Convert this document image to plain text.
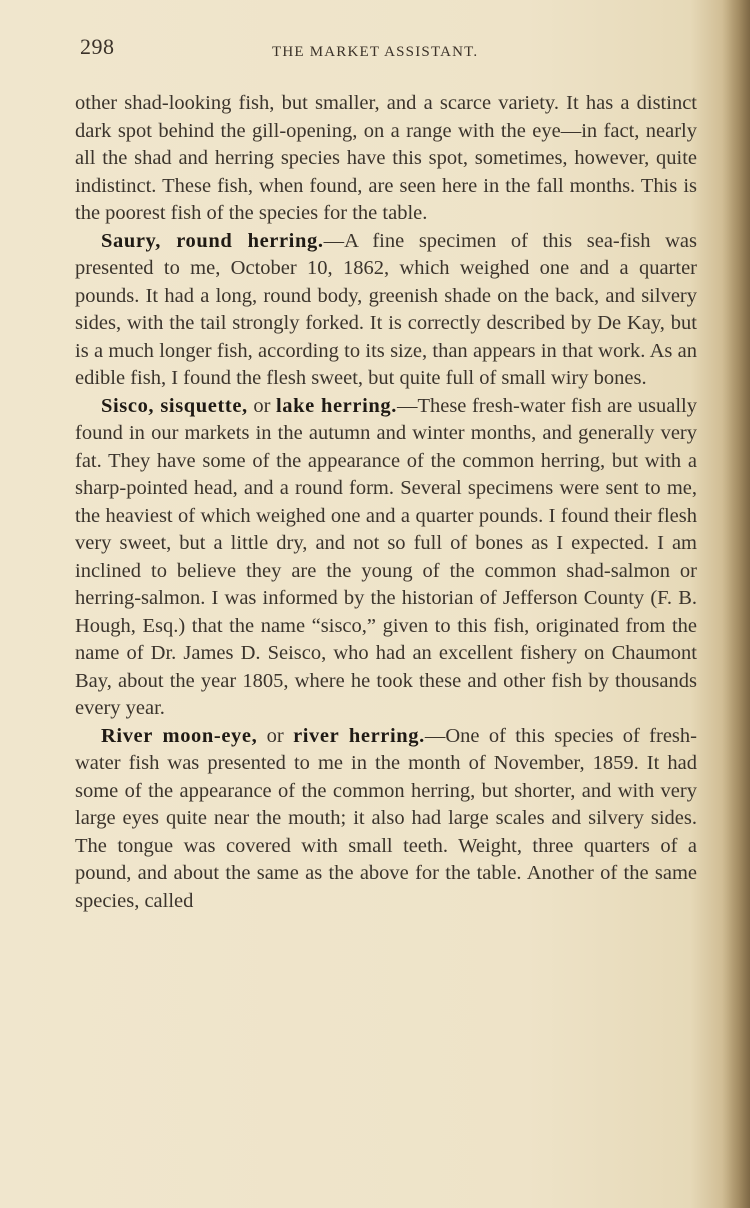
298	THE MARKET ASSISTANT.

other shad-looking fish, but smaller, and a scarce variety. It has a distinct dark spot behind the gill-opening, on a range with the eye—in fact, nearly all the shad and herring species have this spot, sometimes, however, quite indistinct. These fish, when found, are seen here in the fall months. This is the poorest fish of the species for the table.

Saury, round herring.—A fine specimen of this sea-fish was presented to me, October 10, 1862, which weighed one and a quarter pounds. It had a long, round body, greenish shade on the back, and silvery sides, with the tail strongly forked. It is correctly described by De Kay, but is a much longer fish, according to its size, than appears in that work. As an edible fish, I found the flesh sweet, but quite full of small wiry bones.

Sisco, sisquette, or lake herring.—These fresh-water fish are usually found in our markets in the autumn and winter months, and generally very fat. They have some of the appearance of the common herring, but with a sharp-pointed head, and a round form. Several specimens were sent to me, the heaviest of which weighed one and a quarter pounds. I found their flesh very sweet, but a little dry, and not so full of bones as I expected. I am inclined to believe they are the young of the common shad-salmon or herring-salmon. I was informed by the historian of Jefferson County (F. B. Hough, Esq.) that the name “sisco,” given to this fish, originated from the name of Dr. James D. Seisco, who had an excellent fishery on Chaumont Bay, about the year 1805, where he took these and other fish by thousands every year.

River moon-eye, or river herring.—One of this species of fresh-water fish was presented to me in the month of November, 1859. It had some of the appearance of the common herring, but shorter, and with very large eyes quite near the mouth; it also had large scales and silvery sides. The tongue was covered with small teeth. Weight, three quarters of a pound, and about the same as the above for the table. Another of the same species, called
